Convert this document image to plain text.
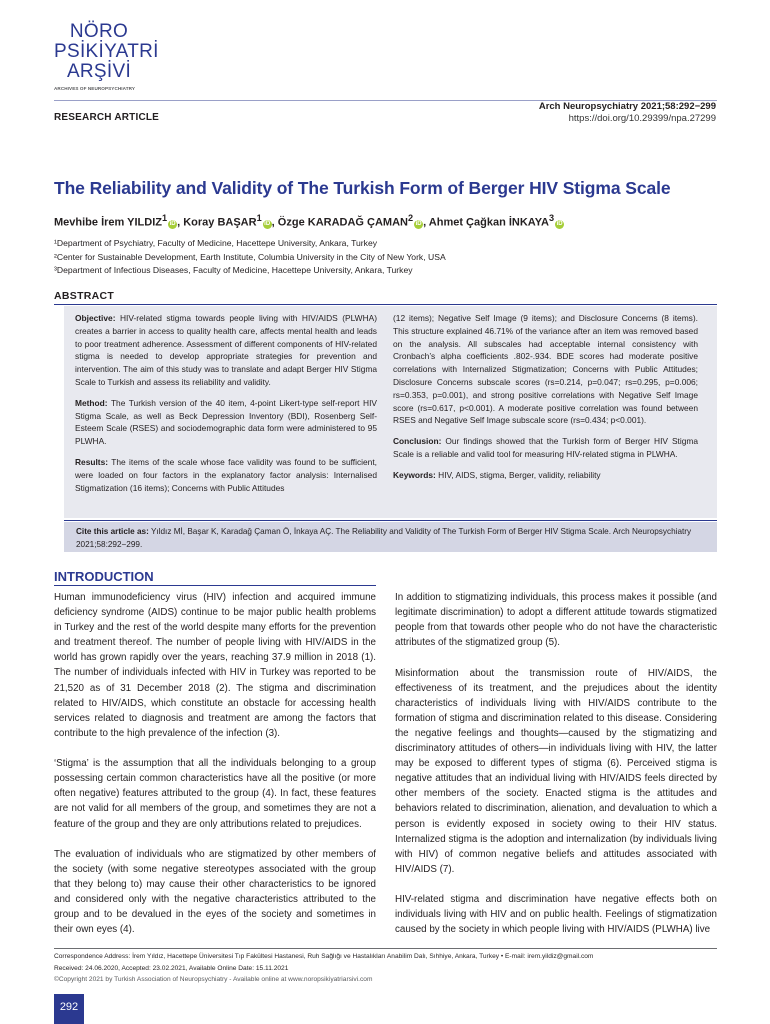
NÖRO
PSİKİYATRİ
ARŞİVİ
ARCHIVES OF NEUROPSYCHIATRY
Arch Neuropsychiatry 2021;58:292−299
https://doi.org/10.29399/npa.27299
RESEARCH ARTICLE
The Reliability and Validity of The Turkish Form of Berger HIV Stigma Scale
Mevhibe İrem YILDIZ$^1$iD , Koray BAŞAR$^1$iD , Özge KARADAĞ ÇAMAN$^2$iD , Ahmet Çağkan İNKAYA$^3$iD
¹Department of Psychiatry, Faculty of Medicine, Hacettepe University, Ankara, Turkey
²Center for Sustainable Development, Earth Institute, Columbia University in the City of New York, USA
³Department of Infectious Diseases, Faculty of Medicine, Hacettepe University, Ankara, Turkey
ABSTRACT

Objective: HIV-related stigma towards people living with HIV/AIDS (PLWHA) creates a barrier in access to quality health care, affects mental health and leads to poor treatment adherence. Assessment of different components of HIV-related stigma is needed to develop appropriate strategies for prevention and intervention. The aim of this study was to translate and adapt Berger HIV Stigma Scale to Turkish and assess its reliability and validity.

Method: The Turkish version of the 40 item, 4-point Likert-type self-report HIV Stigma Scale, as well as Beck Depression Inventory (BDI), Rosenberg Self-Esteem Scale (RSES) and sociodemographic data form were administered to 95 PLWHA.

Results: The items of the scale whose face validity was found to be sufficient, were loaded on four factors in the explanatory factor analysis: Internalised Stigmatization (16 items); Concerns with Public Attitudes

(12 items); Negative Self Image (9 items); and Disclosure Concerns (8 items). This structure explained 46.71% of the variance after an item was removed based on the analysis. All subscales had acceptable internal consistency with Cronbach’s alpha coefficients .802-.934. BDE scores had moderate positive correlations with Internalized Stigmatization; Concerns with Public Attitudes; Disclosure Concerns subscale scores (rs=0.214, p=0.047; rs=0.295, p=0.006; rs=0.353, p=0.001), and strong positive correlations with Negative Self Image score (rs=0.617, p<0.001). A moderate positive correlation was found between RSES and Negative Self Image subscale score (rs=0.434; p<0.001).

Conclusion: Our findings showed that the Turkish form of Berger HIV Stigma Scale is a reliable and valid tool for measuring HIV-related stigma in PLWHA.

Keywords: HIV, AIDS, stigma, Berger, validity, reliability

Cite this article as: Yıldız Mİ, Başar K, Karadağ Çaman Ö, İnkaya AÇ. The Reliability and Validity of The Turkish Form of Berger HIV Stigma Scale. Arch Neuropsychiatry 2021;58:292−299.
INTRODUCTION

Human immunodeficiency virus (HIV) infection and acquired immune deficiency syndrome (AIDS) continue to be major public health problems in Turkey and the rest of the world despite many efforts for the prevention and treatment thereof. The number of people living with HIV/AIDS in the world has grown rapidly over the years, reaching 37.9 million in 2018 (1). The number of individuals infected with HIV in Turkey was reported to be 21,520 as of 31 December 2018 (2). The stigma and discrimination related to HIV/AIDS, which constitute an obstacle for accessing health services related to diagnosis and treatment are among the factors that contribute to the high prevalence of the infection (3).

‘Stigma’ is the assumption that all the individuals belonging to a group possessing certain common characteristics have all the positive (or more often negative) features attributed to the group (4). In fact, these features are not valid for all members of the group, and sometimes they are not a feature of the group and they are only attributions related to prejudices.

The evaluation of individuals who are stigmatized by other members of the society (with some negative stereotypes associated with the group that they belong to) may cause their other characteristics to be ignored and considered only with the negative characteristics attributed to the group and to be devalued in the eyes of the society and sometimes in their own eyes (4).

In addition to stigmatizing individuals, this process makes it possible (and legitimate discrimination) to adopt a different attitude towards stigmatized people from that towards other people who do not have the characteristic attributes of the stigmatized group (5).

Misinformation about the transmission route of HIV/AIDS, the effectiveness of its treatment, and the prejudices about the identity characteristics of individuals living with HIV/AIDS contribute to the formation of stigma and discrimination related to this disease. Considering the negative feelings and thoughts—caused by the stigmatizing and discriminatory attitudes of others—in individuals living with HIV, the latter may be exposed to different types of stigma (6). Perceived stigma is negative attitudes that an individual living with HIV/AIDS feels directed by other members of the society. Enacted stigma is the attitudes and behaviors related to discrimination, alienation, and devaluation to which a person is evidently exposed in society owing to their HIV status. Internalized stigma is the adoption and internalization (by individuals living with HIV) of common negative beliefs and attitudes associated with HIV/AIDS (7).

HIV-related stigma and discrimination have negative effects both on individuals living with HIV and on public health. Feelings of stigmatization caused by the society in which people living with HIV/AIDS (PLWHA) live

Correspondence Address: İrem Yıldız, Hacettepe Üniversitesi Tıp Fakültesi Hastanesi, Ruh Sağlığı ve Hastalıkları Anabilim Dalı, Sıhhiye, Ankara, Turkey • E-mail: irem.yildiz@gmail.com
Received: 24.06.2020, Accepted: 23.02.2021, Available Online Date: 15.11.2021
©Copyright 2021 by Turkish Association of Neuropsychiatry - Available online at www.noropsikiyatriarsivi.com
292
